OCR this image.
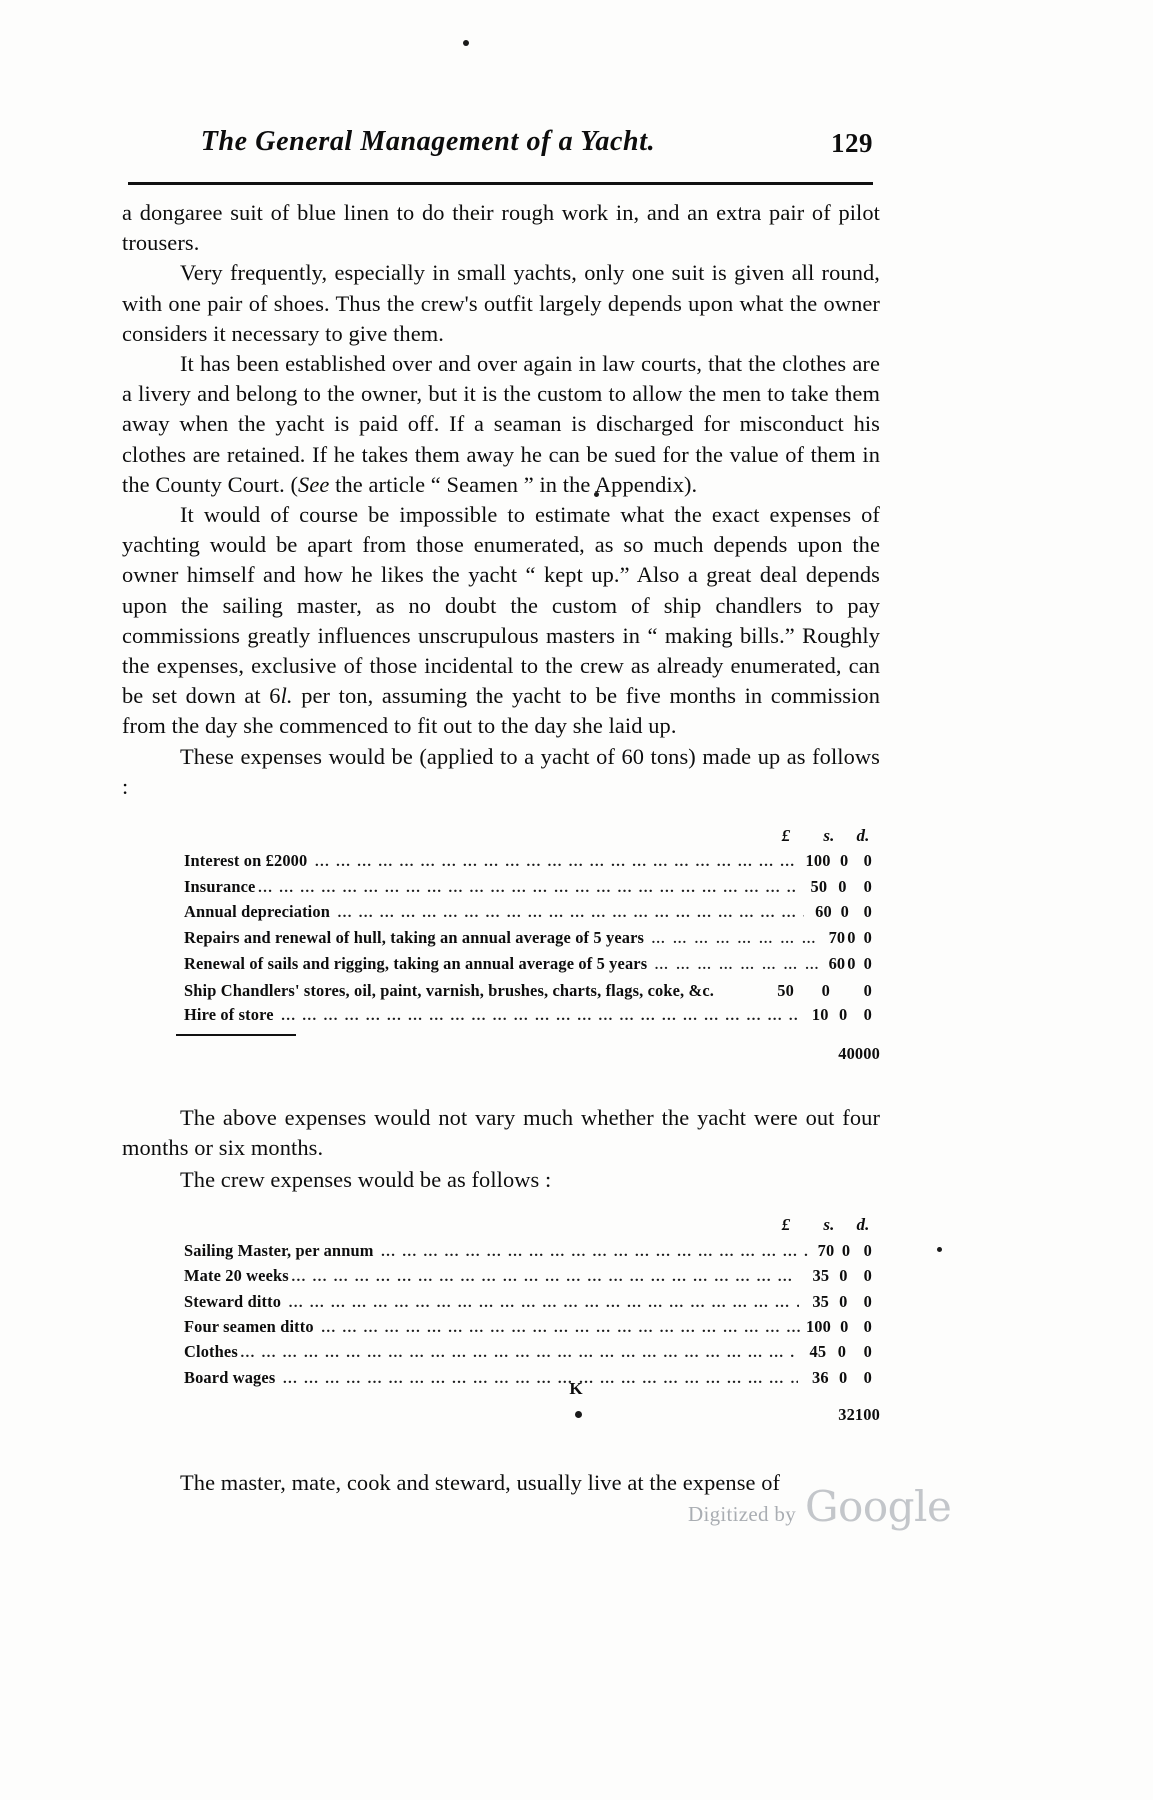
The General Management of a Yacht.	129

a dongaree suit of blue linen to do their rough work in, and an extra pair of pilot trousers.

Very frequently, especially in small yachts, only one suit is given all round, with one pair of shoes. Thus the crew's outfit largely depends upon what the owner considers it necessary to give them.

It has been established over and over again in law courts, that the clothes are a livery and belong to the owner, but it is the custom to allow the men to take them away when the yacht is paid off. If a seaman is discharged for misconduct his clothes are retained. If he takes them away he can be sued for the value of them in the County Court. (See the article “ Seamen ” in the Appendix).

It would of course be impossible to estimate what the exact expenses of yachting would be apart from those enumerated, as so much depends upon the owner himself and how he likes the yacht “ kept up.” Also a great deal depends upon the sailing master, as no doubt the custom of ship chandlers to pay commissions greatly influences unscrupulous masters in “ making bills.” Roughly the expenses, exclusive of those incidental to the crew as already enumerated, can be set down at 6l. per ton, assuming the yacht to be five months in commission from the day she commenced to fit out to the day she laid up.

These expenses would be (applied to a yacht of 60 tons) made up as follows :

£	s.	d.
Interest on £2000 … … … … … … … … … … … … … … … … … … … … … … … … … … … … … … … … … … … … … … … … … … … … … … … … … …	100 0 0
Insurance … … … … … … … … … … … … … … … … … … … … … … … … … … … … … … … … … … … … … … … … … … … … … … … … … …	50 0	0
Annual depreciation … … … … … … … … … … … … … … … … … … … … … … … … … … … … … … … … … … … … … … … … … … … … … … … … … …	60 0 0
Repairs and renewal of hull, taking an annual average of 5 years … … … … … … … … … … … … … … … … … … … … … … … … … … … … … … … … … … … … … … … … … … … … … … … … … …	70 0 0
Renewal of sails and rigging, taking an annual average of 5 years … … … … … … … … … … … … … … … … … … … … … … … … … … … … … … … … … … … … … … … … … … … … … … … … … …	60 0 0
Ship Chandlers' stores, oil, paint, varnish, brushes, charts, flags, coke, &c.	50	0	0
Hire of store … … … … … … … … … … … … … … … … … … … … … … … … … … … … … … … … … … … … … … … … … … … … … … … … … …	10 0 0
400 0 0

The above expenses would not vary much whether the yacht were out four months or six months.

The crew expenses would be as follows :

£	s.	d.
Sailing Master, per annum … … … … … … … … … … … … … … … … … … … … … … … … … … … … … … … … … … … … … … … … … … … … … … … … … …	70 0 0
Mate 20 weeks … … … … … … … … … … … … … … … … … … … … … … … … … … … … … … … … … … … … … … … … … … … … … … … … … …	35 0 0
Steward ditto … … … … … … … … … … … … … … … … … … … … … … … … … … … … … … … … … … … … … … … … … … … … … … … … … …	35 0 0
Four seamen ditto … … … … … … … … … … … … … … … … … … … … … … … … … … … … … … … … … … … … … … … … … … … … … … … … … …	100 0 0
Clothes … … … … … … … … … … … … … … … … … … … … … … … … … … … … … … … … … … … … … … … … … … … … … … … … … …	45 0	0
Board wages … … … … … … … … … … … … … … … … … … … … … … … … … … … … … … … … … … … … … … … … … … … … … … … … … …	36 0 0
321 0 0

The master, mate, cook and steward, usually live at the expense of

K
Digitized by Google
